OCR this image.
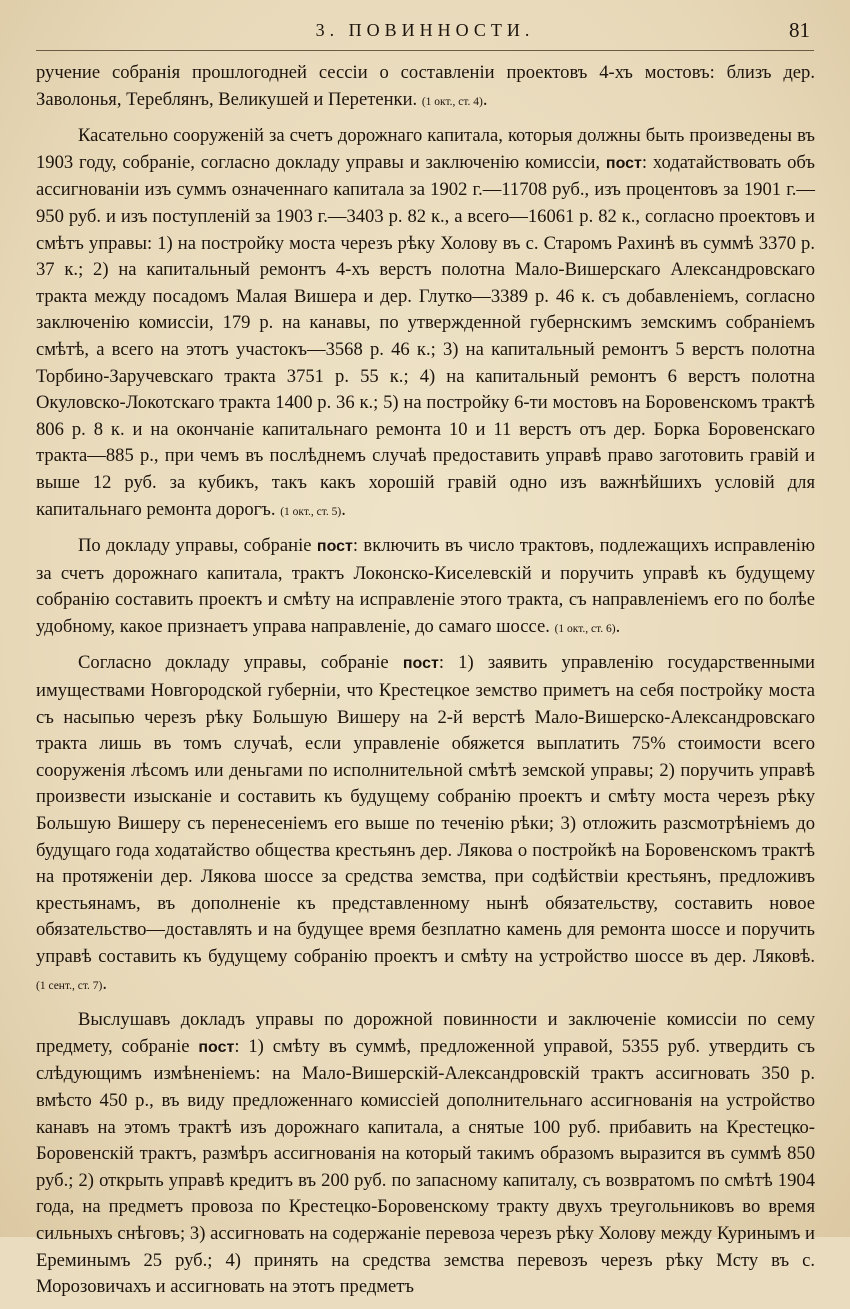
3. ПОВИННОСТИ.	81

ручение собранія прошлогодней сессіи о составленіи проектовъ 4-хъ мостовъ: близъ дер. Заволонья, Тереблянъ, Великушей и Перетенки. (1 окт., ст. 4).

Касательно сооруженій за счетъ дорожнаго капитала, которыя должны быть произведены въ 1903 году, собраніе, согласно докладу управы и заключенію комиссіи, пост: ходатайствовать объ ассигнованіи изъ суммъ означеннаго капитала за 1902 г.—11708 руб., изъ процентовъ за 1901 г.—950 руб. и изъ поступленій за 1903 г.—3403 р. 82 к., а всего—16061 р. 82 к., согласно проектовъ и смѣтъ управы: 1) на постройку моста черезъ рѣку Холову въ с. Старомъ Рахинѣ въ суммѣ 3370 р. 37 к.; 2) на капитальный ремонтъ 4-хъ верстъ полотна Мало-Вишерскаго Александровскаго тракта между посадомъ Малая Вишера и дер. Глутко—3389 р. 46 к. съ добавленіемъ, согласно заключенію комиссіи, 179 р. на канавы, по утвержденной губернскимъ земскимъ собраніемъ смѣтѣ, а всего на этотъ участокъ—3568 р. 46 к.; 3) на капитальный ремонтъ 5 верстъ полотна Торбино-Заручевскаго тракта 3751 р. 55 к.; 4) на капитальный ремонтъ 6 верстъ полотна Окуловско-Локотскаго тракта 1400 р. 36 к.; 5) на постройку 6-ти мостовъ на Боровенскомъ трактѣ 806 р. 8 к. и на окончаніе капитальнаго ремонта 10 и 11 верстъ отъ дер. Борка Боровенскаго тракта—885 р., при чемъ въ послѣднемъ случаѣ предоставить управѣ право заготовить гравій и выше 12 руб. за кубикъ, такъ какъ хорошій гравій одно изъ важнѣйшихъ условій для капитальнаго ремонта дорогъ. (1 окт., ст. 5).

По докладу управы, собраніе пост: включить въ число трактовъ, подлежащихъ исправленію за счетъ дорожнаго капитала, трактъ Локонско-Киселевскій и поручить управѣ къ будущему собранію составить проектъ и смѣту на исправленіе этого тракта, съ направленіемъ его по болѣе удобному, какое признаетъ управа направленіе, до самаго шоссе. (1 окт., ст. 6).

Согласно докладу управы, собраніе пост: 1) заявить управленію государственными имуществами Новгородской губерніи, что Крестецкое земство приметъ на себя постройку моста съ насыпью черезъ рѣку Большую Вишеру на 2-й верстѣ Мало-Вишерско-Александровскаго тракта лишь въ томъ случаѣ, если управленіе обяжется выплатить 75% стоимости всего сооруженія лѣсомъ или деньгами по исполнительной смѣтѣ земской управы; 2) поручить управѣ произвести изысканіе и составить къ будущему собранію проектъ и смѣту моста черезъ рѣку Большую Вишеру съ перенесеніемъ его выше по теченію рѣки; 3) отложить разсмотрѣніемъ до будущаго года ходатайство общества крестьянъ дер. Лякова о постройкѣ на Боровенскомъ трактѣ на протяженіи дер. Лякова шоссе за средства земства, при содѣйствіи крестьянъ, предложивъ крестьянамъ, въ дополненіе къ представленному нынѣ обязательству, составить новое обязательство—доставлять и на будущее время безплатно камень для ремонта шоссе и поручить управѣ составить къ будущему собранію проектъ и смѣту на устройство шоссе въ дер. Ляковѣ. (1 сент., ст. 7).

Выслушавъ докладъ управы по дорожной повинности и заключеніе комиссіи по сему предмету, собраніе пост: 1) смѣту въ суммѣ, предложенной управой, 5355 руб. утвердить съ слѣдующимъ измѣненіемъ: на Мало-Вишерскій-Александровскій трактъ ассигновать 350 р. вмѣсто 450 р., въ виду предложеннаго комиссіей дополнительнаго ассигнованія на устройство канавъ на этомъ трактѣ изъ дорожнаго капитала, а снятые 100 руб. прибавить на Крестецко-Боровенскій трактъ, размѣръ ассигнованія на который такимъ образомъ выразится въ суммѣ 850 руб.; 2) открыть управѣ кредитъ въ 200 руб. по запасному капиталу, съ возвратомъ по смѣтѣ 1904 года, на предметъ провоза по Крестецко-Боровенскому тракту двухъ треугольниковъ во время сильныхъ снѣговъ; 3) ассигновать на содержаніе перевоза черезъ рѣку Холову между Куринымъ и Ереминымъ 25 руб.; 4) принять на средства земства перевозъ черезъ рѣку Мсту въ с. Морозовичахъ и ассигновать на этотъ предметъ
